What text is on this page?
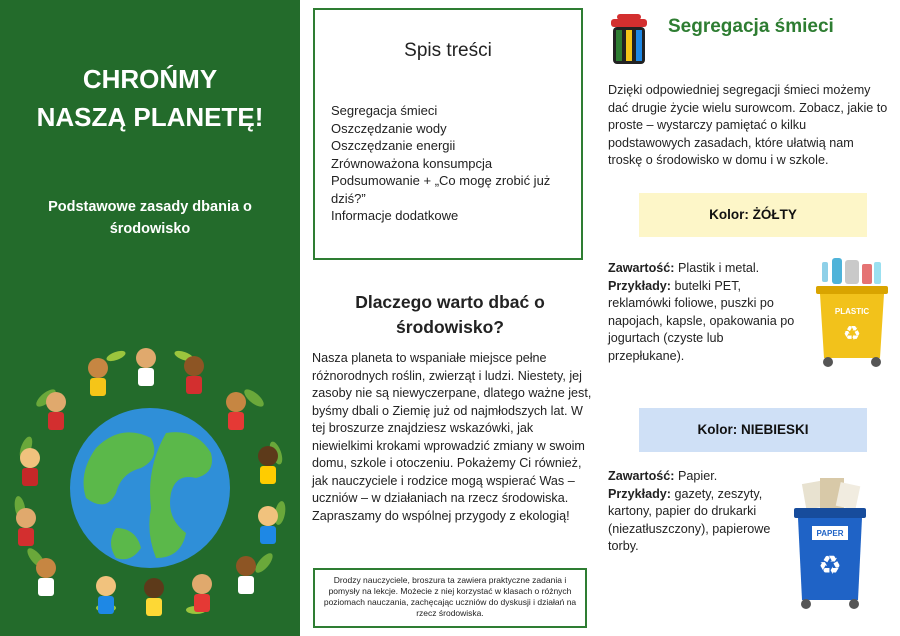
CHROŃMY
NASZĄ PLANETĘ!
Podstawowe zasady dbania o środowisko
Spis treści
Segregacja śmieci
Oszczędzanie wody
Oszczędzanie energii
Zrównoważona konsumpcja
Podsumowanie + „Co mogę zrobić już dziś?”
Informacje dodatkowe
Dlaczego warto dbać o środowisko?
Nasza planeta to wspaniałe miejsce pełne różnorodnych roślin, zwierząt i ludzi. Niestety, jej zasoby nie są niewyczerpane, dlatego ważne jest, byśmy dbali o Ziemię już od najmłodszych lat. W tej broszurze znajdziesz wskazówki, jak niewielkimi krokami wprowadzić zmiany w swoim domu, szkole i otoczeniu. Pokażemy Ci również, jak nauczyciele i rodzice mogą wspierać Was – uczniów – w działaniach na rzecz środowiska. Zapraszamy do wspólnej przygody z ekologią!
Drodzy nauczyciele, broszura ta zawiera praktyczne zadania i pomysły na lekcje. Możecie z niej korzystać w klasach o różnych poziomach nauczania, zachęcając uczniów do dyskusji i działań na rzecz środowiska.
Segregacja śmieci
Dzięki odpowiedniej segregacji śmieci możemy dać drugie życie wielu surowcom. Zobacz, jakie to proste – wystarczy pamiętać o kilku podstawowych zasadach, które ułatwią nam troskę o środowisko w domu i w szkole.
Kolor: ŻÓŁTY
Zawartość: Plastik i metal.
Przykłady: butelki PET, reklamówki foliowe, puszki po napojach, kapsle, opakowania po jogurtach (czyste lub przepłukane).
PLASTIC
♻
Kolor: NIEBIESKI
Zawartość: Papier.
Przykłady: gazety, zeszyty, kartony, papier do drukarki (niezatłuszczony), papierowe torby.
PAPER
♻
